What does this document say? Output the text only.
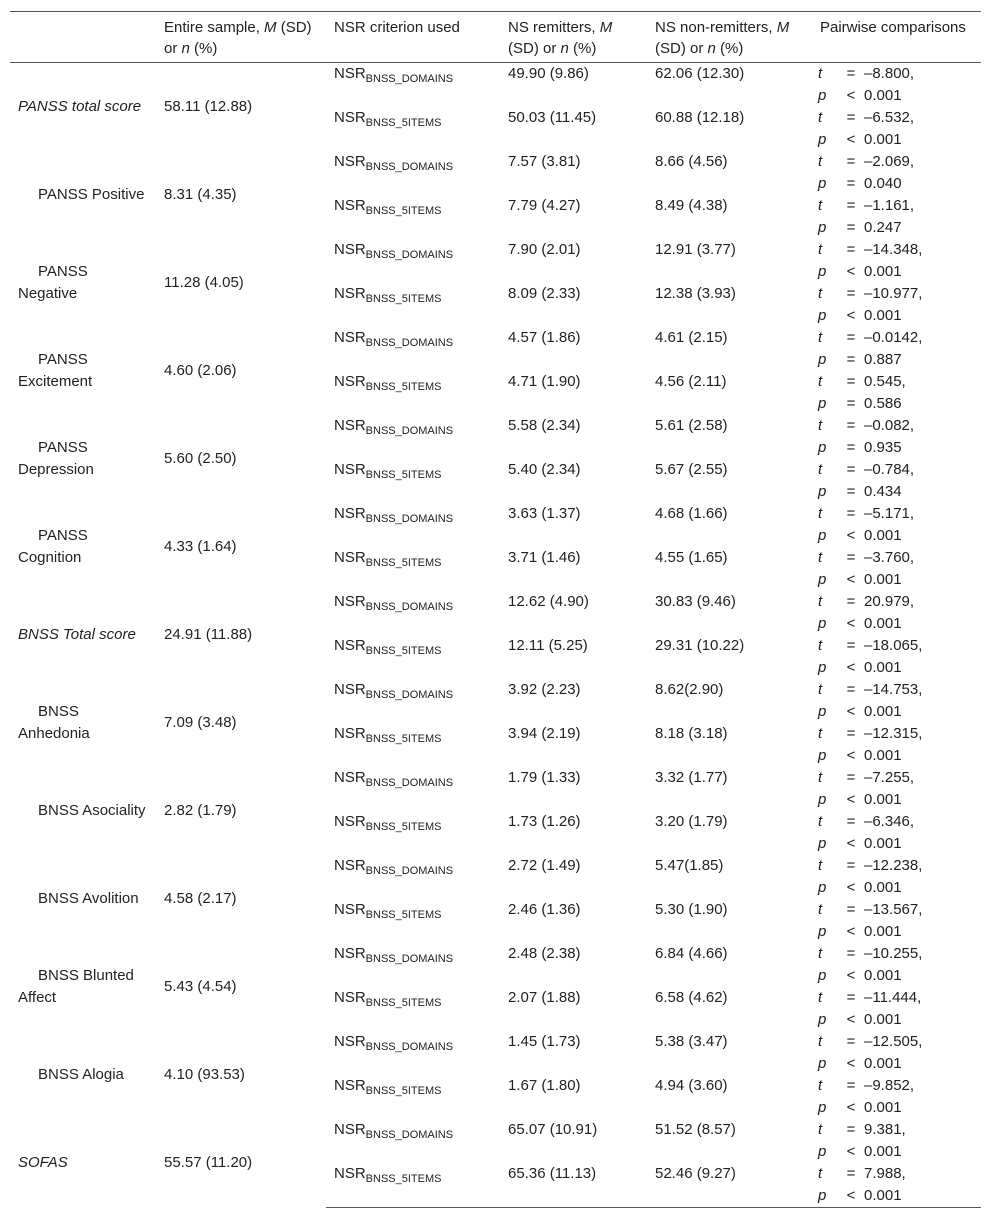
	Entire sample, M (SD) or n (%)	NSR criterion used	NS remitters, M (SD) or n (%)	NS non-remitters, M (SD) or n (%)	Pairwise comparisons
PANSS total score	58.11 (12.88)	$NSR_{BNSS\_DOMAINS}$	49.90 (9.86)	62.06 (12.30)	t = –8.800,
p < 0.001

		$NSR_{BNSS\_5ITEMS}$	50.03 (11.45)	60.88 (12.18)	t = –6.532,
p < 0.001

PANSS Positive	8.31 (4.35)	$NSR_{BNSS\_DOMAINS}$	7.57 (3.81)	8.66 (4.56)	t = –2.069,
p = 0.040

		$NSR_{BNSS\_5ITEMS}$	7.79 (4.27)	8.49 (4.38)	t = –1.161,
p = 0.247

PANSS Negative	11.28 (4.05)	$NSR_{BNSS\_DOMAINS}$	7.90 (2.01)	12.91 (3.77)	t = –14.348,
p < 0.001

		$NSR_{BNSS\_5ITEMS}$	8.09 (2.33)	12.38 (3.93)	t = –10.977,
p < 0.001

PANSS Excitement	4.60 (2.06)	$NSR_{BNSS\_DOMAINS}$	4.57 (1.86)	4.61 (2.15)	t = –0.0142,
p = 0.887

		$NSR_{BNSS\_5ITEMS}$	4.71 (1.90)	4.56 (2.11)	t = 0.545,
p = 0.586

PANSS Depression	5.60 (2.50)	$NSR_{BNSS\_DOMAINS}$	5.58 (2.34)	5.61 (2.58)	t = –0.082,
p = 0.935

		$NSR_{BNSS\_5ITEMS}$	5.40 (2.34)	5.67 (2.55)	t = –0.784,
p = 0.434

PANSS Cognition	4.33 (1.64)	$NSR_{BNSS\_DOMAINS}$	3.63 (1.37)	4.68 (1.66)	t = –5.171,
p < 0.001

		$NSR_{BNSS\_5ITEMS}$	3.71 (1.46)	4.55 (1.65)	t = –3.760,
p < 0.001

BNSS Total score	24.91 (11.88)	$NSR_{BNSS\_DOMAINS}$	12.62 (4.90)	30.83 (9.46)	t = 20.979,
p < 0.001

		$NSR_{BNSS\_5ITEMS}$	12.11 (5.25)	29.31 (10.22)	t = –18.065,
p < 0.001

BNSS Anhedonia	7.09 (3.48)	$NSR_{BNSS\_DOMAINS}$	3.92 (2.23)	8.62(2.90)	t = –14.753,
p < 0.001

		$NSR_{BNSS\_5ITEMS}$	3.94 (2.19)	8.18 (3.18)	t = –12.315,
p < 0.001

BNSS Asociality	2.82 (1.79)	$NSR_{BNSS\_DOMAINS}$	1.79 (1.33)	3.32 (1.77)	t = –7.255,
p < 0.001

		$NSR_{BNSS\_5ITEMS}$	1.73 (1.26)	3.20 (1.79)	t = –6.346,
p < 0.001

BNSS Avolition	4.58 (2.17)	$NSR_{BNSS\_DOMAINS}$	2.72 (1.49)	5.47(1.85)	t = –12.238,
p < 0.001

		$NSR_{BNSS\_5ITEMS}$	2.46 (1.36)	5.30 (1.90)	t = –13.567,
p < 0.001

BNSS Blunted Affect	5.43 (4.54)	$NSR_{BNSS\_DOMAINS}$	2.48 (2.38)	6.84 (4.66)	t = –10.255,
p < 0.001

		$NSR_{BNSS\_5ITEMS}$	2.07 (1.88)	6.58 (4.62)	t = –11.444,
p < 0.001

BNSS Alogia	4.10 (93.53)	$NSR_{BNSS\_DOMAINS}$	1.45 (1.73)	5.38 (3.47)	t = –12.505,
p < 0.001

		$NSR_{BNSS\_5ITEMS}$	1.67 (1.80)	4.94 (3.60)	t = –9.852,
p < 0.001

SOFAS	55.57 (11.20)	$NSR_{BNSS\_DOMAINS}$	65.07 (10.91)	51.52 (8.57)	t = 9.381,
p < 0.001

		$NSR_{BNSS\_5ITEMS}$	65.36 (11.13)	52.46 (9.27)	t = 7.988,
p < 0.001
